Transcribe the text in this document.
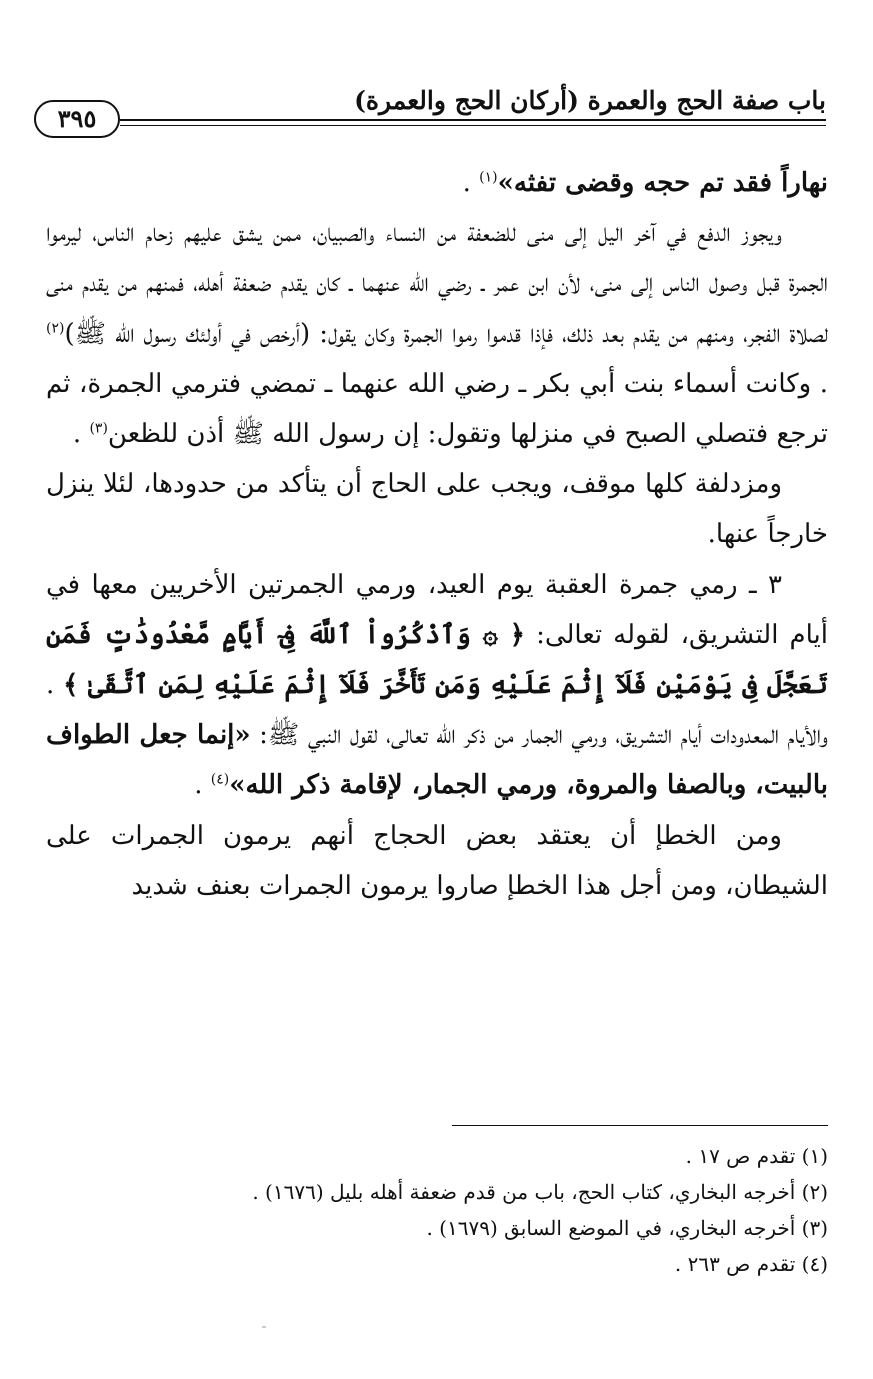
باب صفة الحج والعمرة (أركان الحج والعمرة)
٣٩٥

نهاراً فقد تم حجه وقضى تفثه»$^{(١)}$ .

ويجوز الدفع في آخر اليل إلى منى للضعفة من النساء والصبيان، ممن يشق عليهم زحام الناس، ليرموا الجمرة قبل وصول الناس إلى منى، لأن ابن عمر ـ رضي الله عنهما ـ كان يقدم ضعفة أهله، فمنهم من يقدم منى لصلاة الفجر، ومنهم من يقدم بعد ذلك، فإذا قدموا رموا الجمرة وكان يقول: (أرخص في أولئك رسول الله ﷺ)$^{(٢)}$ . وكانت أسماء بنت أبي بكر ـ رضي الله عنهما ـ تمضي فترمي الجمرة، ثم ترجع فتصلي الصبح في منزلها وتقول: إن رسول الله ﷺ أذن للظعن$^{(٣)}$ .

ومزدلفة كلها موقف، ويجب على الحاج أن يتأكد من حدودها، لئلا ينزل خارجاً عنها.

٣ ـ رمي جمرة العقبة يوم العيد، ورمي الجمرتين الأخريين معها في أيام التشريق، لقوله تعالى: ﴿ ۞ وَٱذْكُرُواْ ٱللَّهَ فِىٓ أَيَّامٍ مَّعْدُودَٰتٍ فَمَن تَعَجَّلَ فِى يَوْمَيْنِ فَلَآ إِثْمَ عَلَيْهِ وَمَن تَأَخَّرَ فَلَآ إِثْمَ عَلَيْهِ لِمَنِ ٱتَّقَىٰ ﴾ . والأيام المعدودات أيام التشريق، ورمي الجمار من ذكر الله تعالى، لقول النبي ﷺ: «إنما جعل الطواف بالبيت، وبالصفا والمروة، ورمي الجمار، لإقامة ذكر الله»$^{(٤)}$ .

ومن الخطإ أن يعتقد بعض الحجاج أنهم يرمون الجمرات على الشيطان، ومن أجل هذا الخطإ صاروا يرمون الجمرات بعنف شديد

(١) تقدم ص ١٧ .

(٢) أخرجه البخاري، كتاب الحج، باب من قدم ضعفة أهله بليل (١٦٧٦) .

(٣) أخرجه البخاري، في الموضع السابق (١٦٧٩) .

(٤) تقدم ص ٢٦٣ .
